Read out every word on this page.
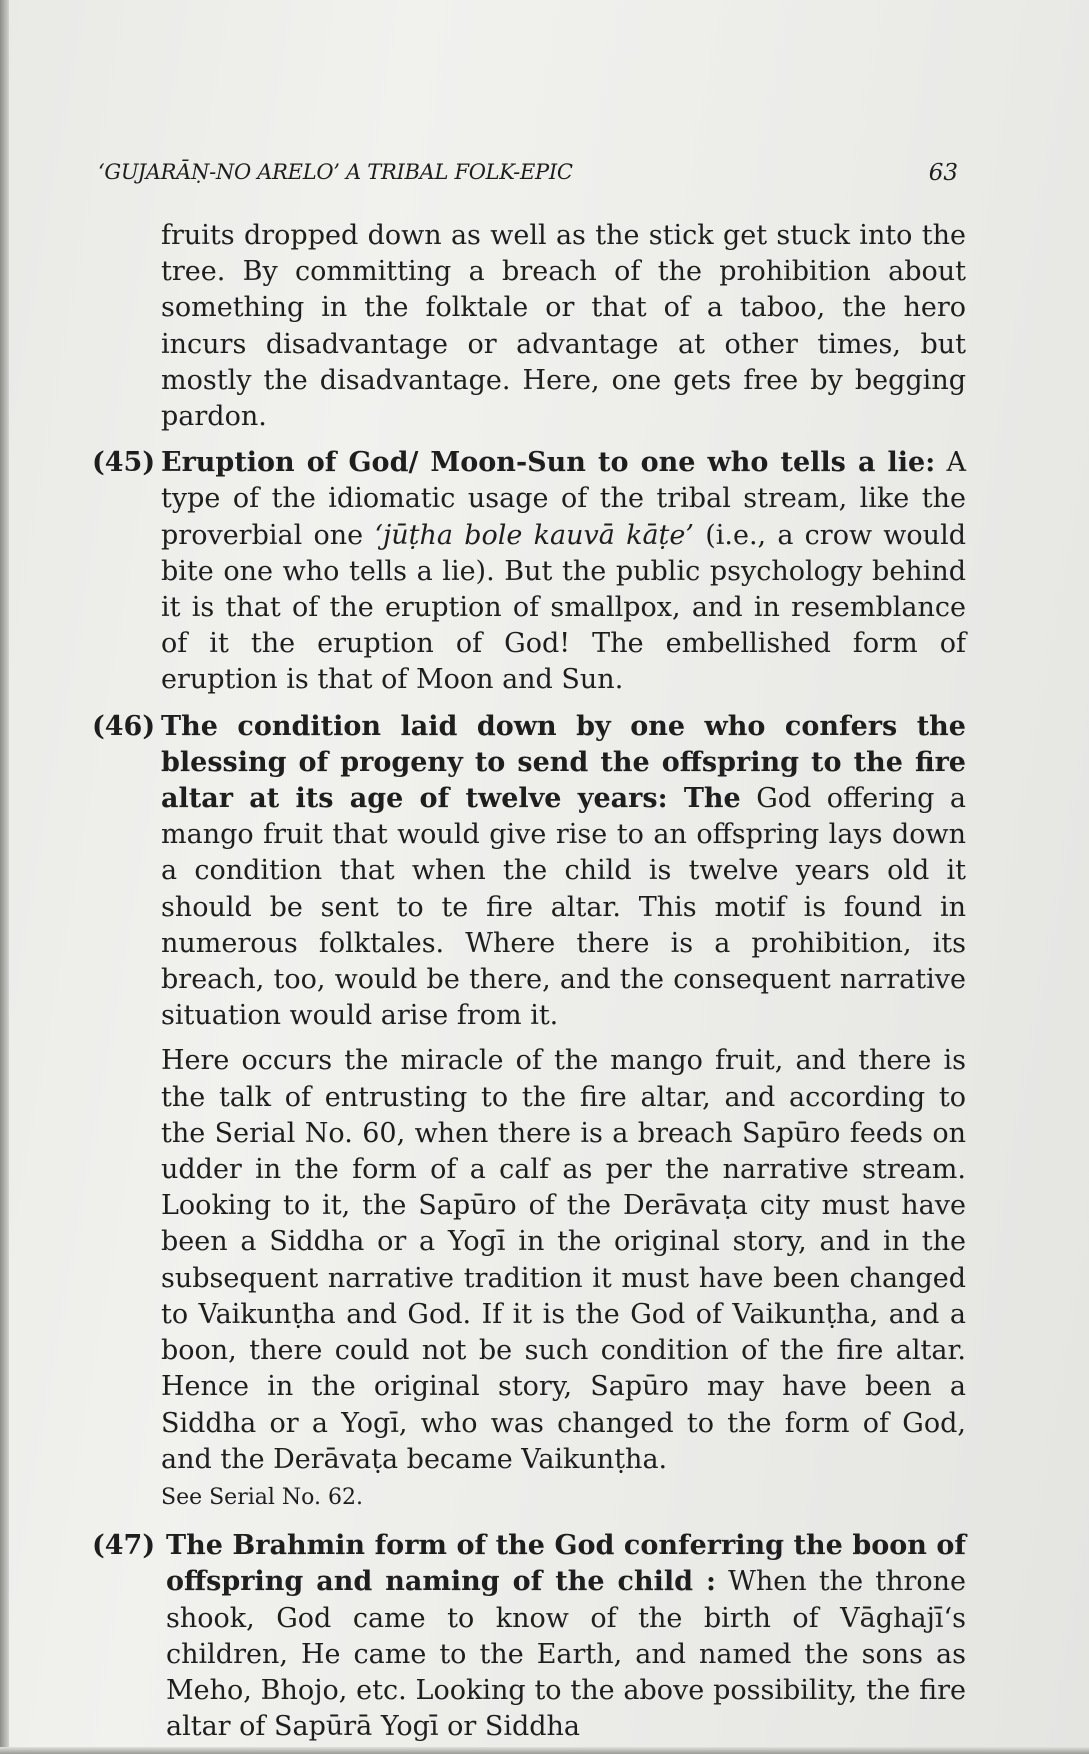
‘GUJARĀṆ-NO ARELO’ A TRIBAL FOLK-EPIC	63

fruits dropped down as well as the stick get stuck into the tree. By committing a breach of the prohibition about something in the folktale or that of a taboo, the hero incurs disadvantage or advantage at other times, but mostly the disadvantage. Here, one gets free by begging pardon.

(45) Eruption of God/ Moon-Sun to one who tells a lie: A type of the idiomatic usage of the tribal stream, like the proverbial one ‘jūṭha bole kauvā kāṭe’ (i.e., a crow would bite one who tells a lie). But the public psychology behind it is that of the eruption of smallpox, and in resemblance of it the eruption of God! The embellished form of eruption is that of Moon and Sun.

(46) The condition laid down by one who confers the blessing of progeny to send the offspring to the fire altar at its age of twelve years: The God offering a mango fruit that would give rise to an offspring lays down a condition that when the child is twelve years old it should be sent to te fire altar. This motif is found in numerous folktales. Where there is a prohibition, its breach, too, would be there, and the consequent narrative situation would arise from it.

Here occurs the miracle of the mango fruit, and there is the talk of entrusting to the fire altar, and according to the Serial No. 60, when there is a breach Sapūro feeds on udder in the form of a calf as per the narrative stream. Looking to it, the Sapūro of the Derāvaṭa city must have been a Siddha or a Yogī in the original story, and in the subsequent narrative tradition it must have been changed to Vaikunṭha and God. If it is the God of Vaikunṭha, and a boon, there could not be such condition of the fire altar. Hence in the original story, Sapūro may have been a Siddha or a Yogī, who was changed to the form of God, and the Derāvaṭa became Vaikunṭha.
See Serial No. 62.

(47) The Brahmin form of the God conferring the boon of offspring and naming of the child : When the throne shook, God came to know of the birth of Vāghajī‘s children, He came to the Earth, and named the sons as Meho, Bhojo, etc. Looking to the above possibility, the fire altar of Sapūrā Yogī or Siddha
